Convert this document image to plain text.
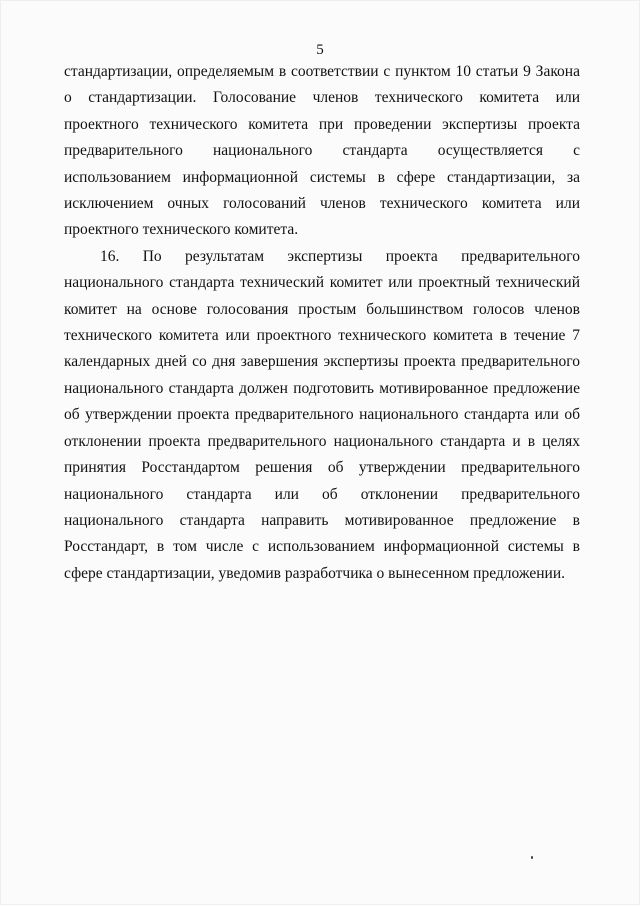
5

стандартизации, определяемым в соответствии с пунктом 10 статьи 9 Закона о стандартизации. Голосование членов технического комитета или проектного технического комитета при проведении экспертизы проекта предварительного национального стандарта осуществляется с использованием информационной системы в сфере стандартизации, за исключением очных голосований членов технического комитета или проектного технического комитета.

16. По результатам экспертизы проекта предварительного национального стандарта технический комитет или проектный технический комитет на основе голосования простым большинством голосов членов технического комитета или проектного технического комитета в течение 7 календарных дней со дня завершения экспертизы проекта предварительного национального стандарта должен подготовить мотивированное предложение об утверждении проекта предварительного национального стандарта или об отклонении проекта предварительного национального стандарта и в целях принятия Росстандартом решения об утверждении предварительного национального стандарта или об отклонении предварительного национального стандарта направить мотивированное предложение в Росстандарт, в том числе с использованием информационной системы в сфере стандартизации, уведомив разработчика о вынесенном предложении.
